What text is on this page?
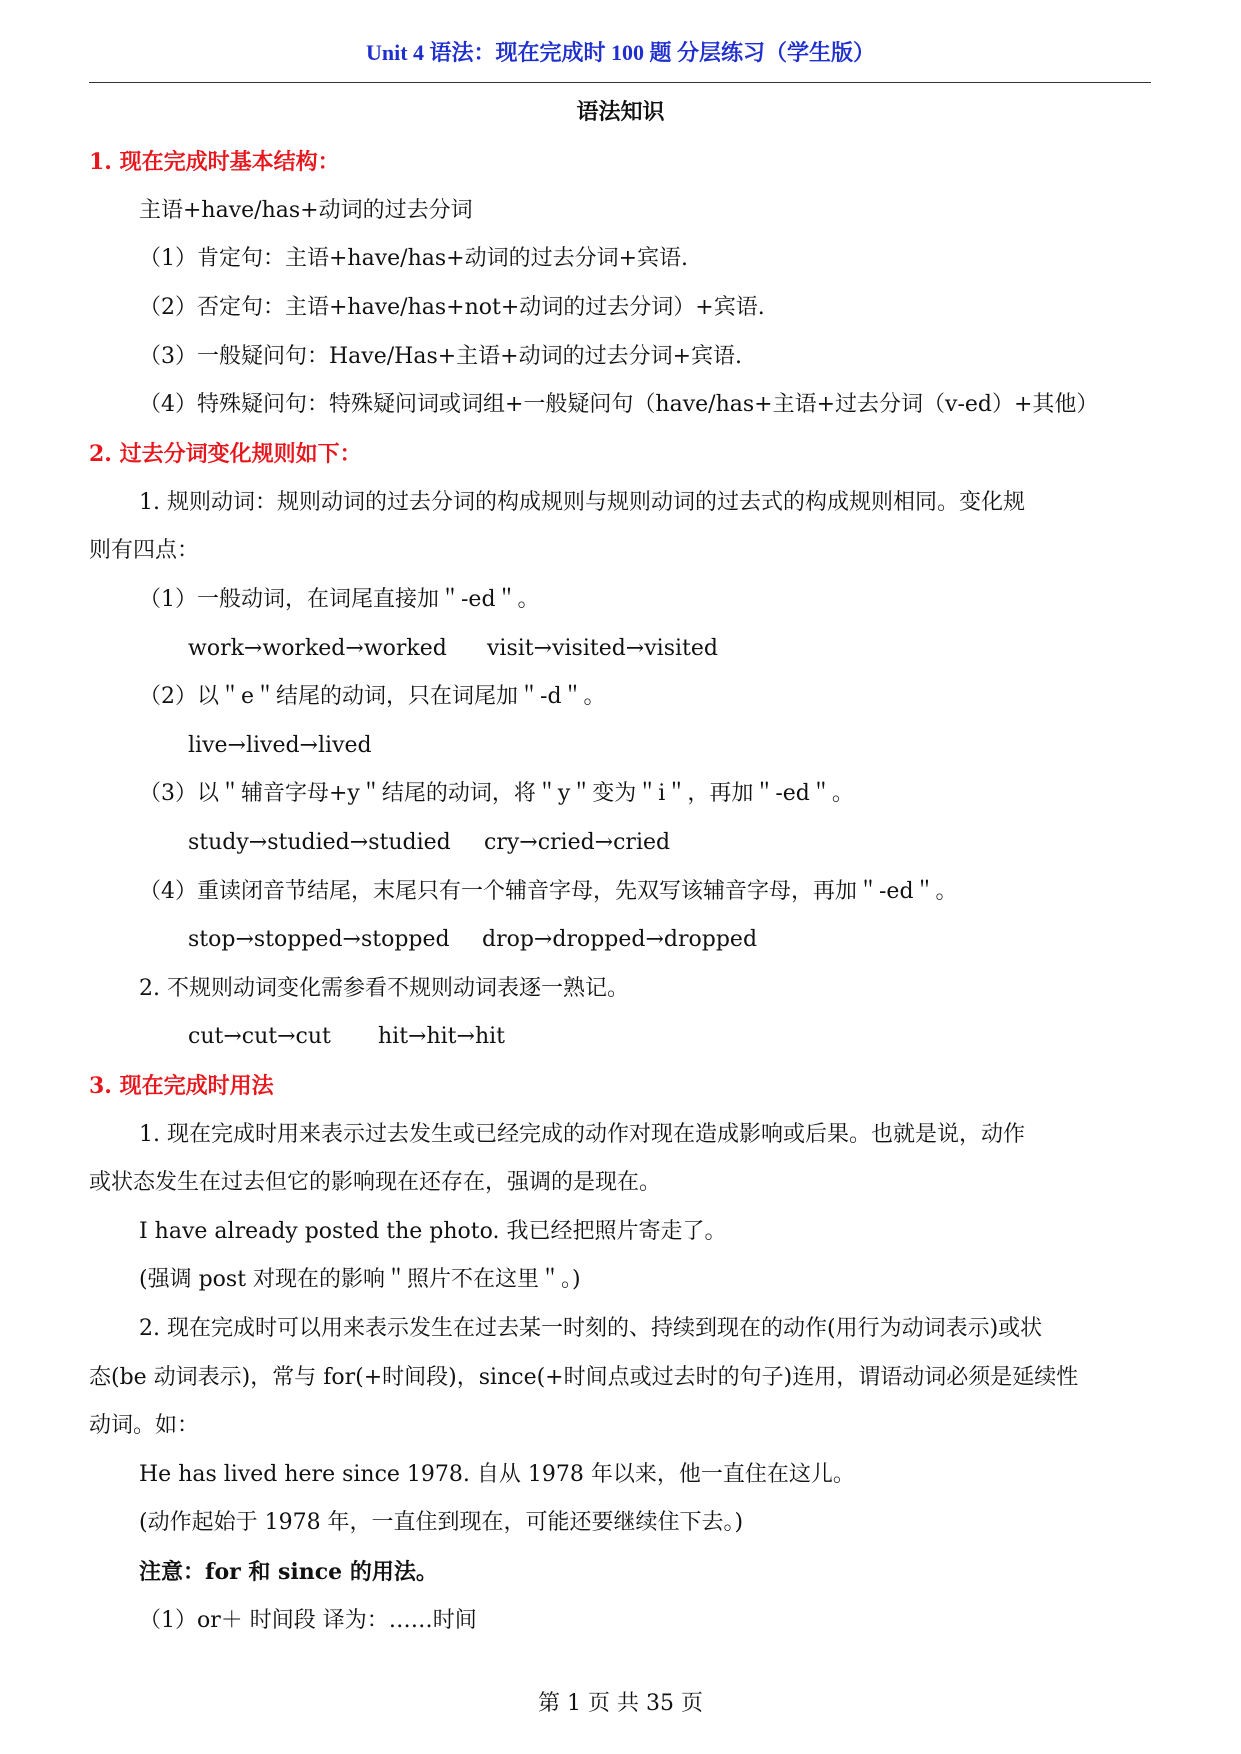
Unit 4 语法：现在完成时 100 题 分层练习（学生版）
语法知识
1. 现在完成时基本结构：
主语+have/has+动词的过去分词
（1）肯定句：主语+have/has+动词的过去分词+宾语.
（2）否定句：主语+have/has+not+动词的过去分词）+宾语.
（3）一般疑问句：Have/Has+主语+动词的过去分词+宾语.
（4）特殊疑问句：特殊疑问词或词组+一般疑问句（have/has+主语+过去分词（v-ed）+其他）
2. 过去分词变化规则如下：
1. 规则动词：规则动词的过去分词的构成规则与规则动词的过去式的构成规则相同。变化规
则有四点：
（1）一般动词，在词尾直接加＂-ed＂。
work→worked→worked visit→visited→visited
（2）以＂e＂结尾的动词，只在词尾加＂-d＂。
live→lived→lived
（3）以＂辅音字母+y＂结尾的动词，将＂y＂变为＂i＂，再加＂-ed＂。
study→studied→studied cry→cried→cried
（4）重读闭音节结尾，末尾只有一个辅音字母，先双写该辅音字母，再加＂-ed＂。
stop→stopped→stopped drop→dropped→dropped
2. 不规则动词变化需参看不规则动词表逐一熟记。
cut→cut→cut hit→hit→hit
3. 现在完成时用法
1. 现在完成时用来表示过去发生或已经完成的动作对现在造成影响或后果。也就是说，动作
或状态发生在过去但它的影响现在还存在，强调的是现在。
I have already posted the photo. 我已经把照片寄走了。
(强调 post 对现在的影响＂照片不在这里＂。)
2. 现在完成时可以用来表示发生在过去某一时刻的、持续到现在的动作(用行为动词表示)或状
态(be 动词表示)，常与 for(+时间段)，since(+时间点或过去时的句子)连用，谓语动词必须是延续性
动词。如：
He has lived here since 1978. 自从 1978 年以来，他一直住在这儿。
(动作起始于 1978 年，一直住到现在，可能还要继续住下去。)
注意：for 和 since 的用法。
（1）or＋ 时间段 译为：……时间
第 1 页 共 35 页
